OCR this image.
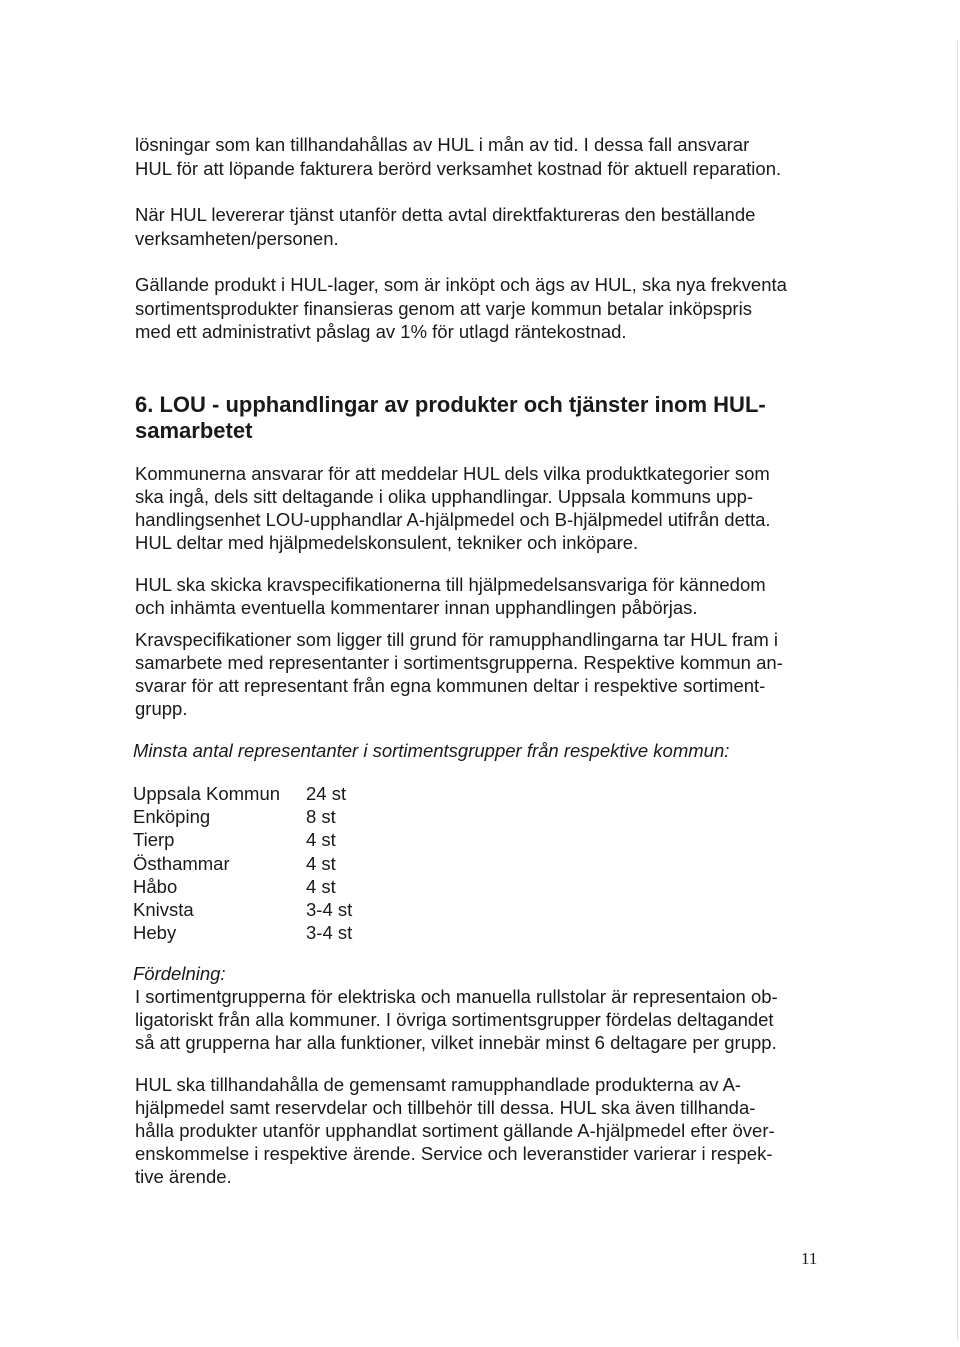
lösningar som kan tillhandahållas av HUL i mån av tid. I dessa fall ansvarar
HUL för att löpande fakturera berörd verksamhet kostnad för aktuell reparation.

När HUL levererar tjänst utanför detta avtal direktfaktureras den beställande
verksamheten/personen.

Gällande produkt i HUL-lager, som är inköpt och ägs av HUL, ska nya frekventa
sortimentsprodukter finansieras genom att varje kommun betalar inköpspris
med ett administrativt påslag av 1% för utlagd räntekostnad.

6. LOU - upphandlingar av produkter och tjänster inom HUL-
samarbetet

Kommunerna ansvarar för att meddelar HUL dels vilka produktkategorier som
ska ingå, dels sitt deltagande i olika upphandlingar. Uppsala kommuns upp-
handlingsenhet LOU-upphandlar A-hjälpmedel och B-hjälpmedel utifrån detta.
HUL deltar med hjälpmedelskonsulent, tekniker och inköpare.

HUL ska skicka kravspecifikationerna till hjälpmedelsansvariga för kännedom
och inhämta eventuella kommentarer innan upphandlingen påbörjas.

Kravspecifikationer som ligger till grund för ramupphandlingarna tar HUL fram i
samarbete med representanter i sortimentsgrupperna. Respektive kommun an-
svarar för att representant från egna kommunen deltar i respektive sortiment-
grupp.

Minsta antal representanter i sortimentsgrupper från respektive kommun:

Uppsala Kommun	24 st
Enköping	8 st
Tierp	4 st
Östhammar	4 st
Håbo	4 st
Knivsta	3-4 st
Heby	3-4 st

Fördelning:

I sortimentgrupperna för elektriska och manuella rullstolar är representaion ob-
ligatoriskt från alla kommuner. I övriga sortimentsgrupper fördelas deltagandet
så att grupperna har alla funktioner, vilket innebär minst 6 deltagare per grupp.

HUL ska tillhandahålla de gemensamt ramupphandlade produkterna av A-
hjälpmedel samt reservdelar och tillbehör till dessa. HUL ska även tillhanda-
hålla produkter utanför upphandlat sortiment gällande A-hjälpmedel efter över-
enskommelse i respektive ärende. Service och leveranstider varierar i respek-
tive ärende.

11
